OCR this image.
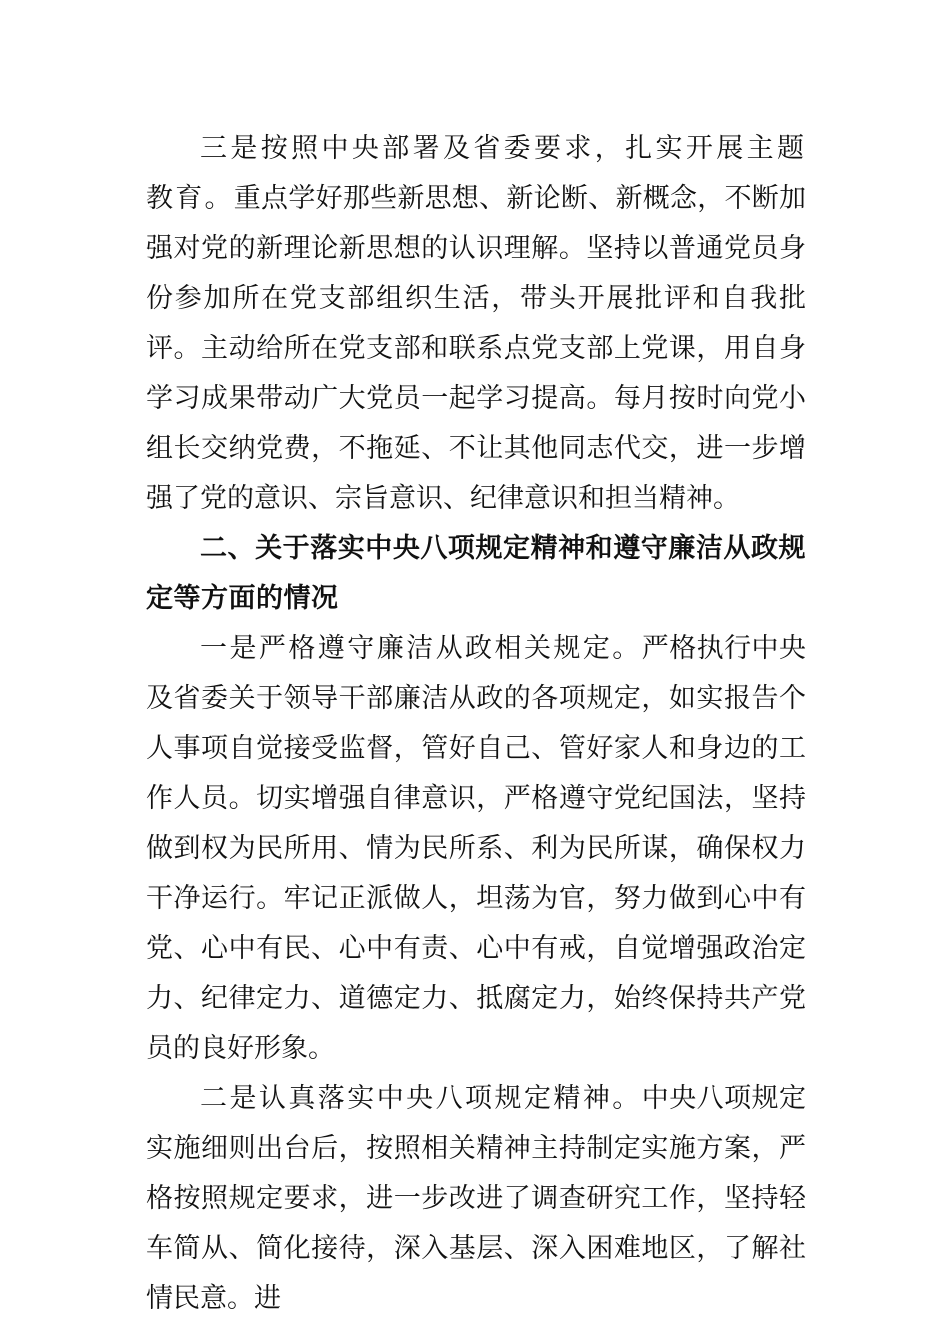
三是按照中央部署及省委要求，扎实开展主题教育。重点学好那些新思想、新论断、新概念，不断加强对党的新理论新思想的认识理解。坚持以普通党员身份参加所在党支部组织生活，带头开展批评和自我批评。主动给所在党支部和联系点党支部上党课，用自身学习成果带动广大党员一起学习提高。每月按时向党小组长交纳党费，不拖延、不让其他同志代交，进一步增强了党的意识、宗旨意识、纪律意识和担当精神。

二、关于落实中央八项规定精神和遵守廉洁从政规定等方面的情况

一是严格遵守廉洁从政相关规定。严格执行中央及省委关于领导干部廉洁从政的各项规定，如实报告个人事项自觉接受监督，管好自己、管好家人和身边的工作人员。切实增强自律意识，严格遵守党纪国法，坚持做到权为民所用、情为民所系、利为民所谋，确保权力干净运行。牢记正派做人，坦荡为官，努力做到心中有党、心中有民、心中有责、心中有戒，自觉增强政治定力、纪律定力、道德定力、抵腐定力，始终保持共产党员的良好形象。

二是认真落实中央八项规定精神。中央八项规定实施细则出台后，按照相关精神主持制定实施方案，严格按照规定要求，进一步改进了调查研究工作，坚持轻车简从、简化接待，深入基层、深入困难地区，了解社情民意。进
